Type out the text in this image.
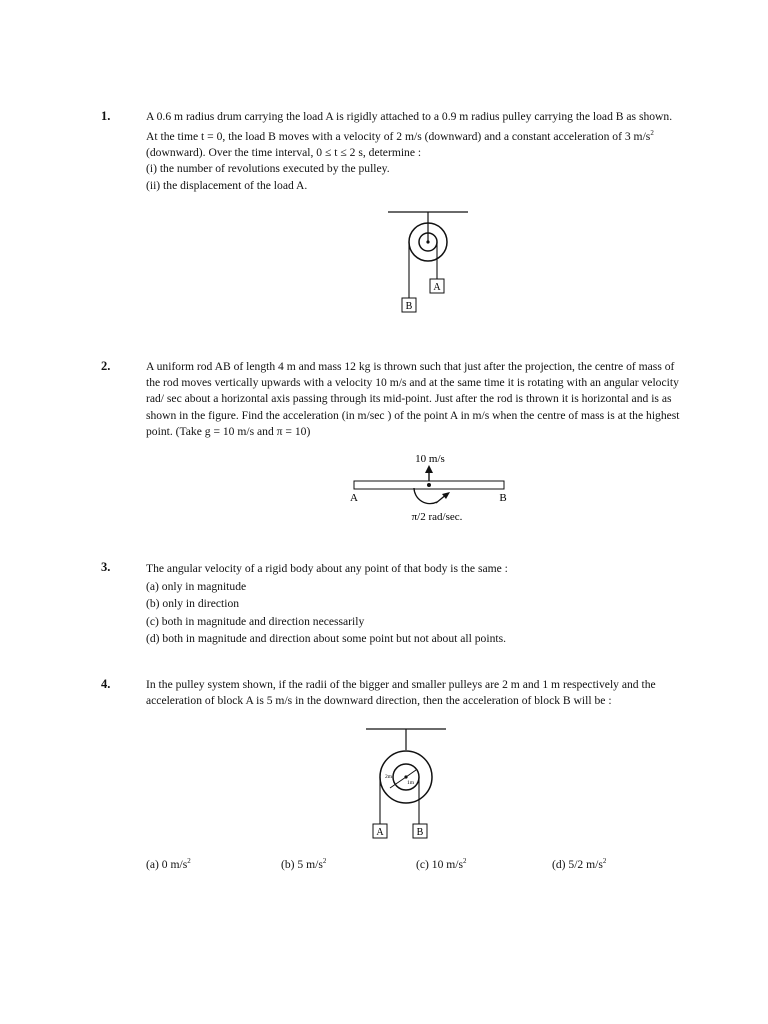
1.	A 0.6 m radius drum carrying the load A is rigidly attached to a 0.9 m radius pulley carrying the load B as shown.
At the time t = 0, the load B moves with a velocity of 2 m/s (downward) and a constant acceleration of 3 $m/s^2$
(downward). Over the time interval, 0 ≤ t ≤ 2 s, determine :
(i) the number of revolutions executed by the pulley.
(ii) the displacement of the load A.
A
B
2.	A uniform rod AB of length 4 m and mass 12 kg is thrown such that just after the projection, the centre of mass of
the rod moves vertically upwards with a velocity 10 m/s and at the same time it is rotating with an angular velocity
rad/ sec about a horizontal axis passing through its mid-point. Just after the rod is thrown it is horizontal and is as
shown in the figure. Find the acceleration (in m/sec ) of the point A in m/s when the centre of mass is at the highest
point. (Take g = 10 m/s and π = 10)
10 m/s
A	B
π/2 rad/sec.
3.	The angular velocity of a rigid body about any point of that body is the same :
(a) only in magnitude
(b) only in direction
(c) both in magnitude and direction necessarily
(d) both in magnitude and direction about some point but not about all points.
4.	In the pulley system shown, if the radii of the bigger and smaller pulleys are 2 m and 1 m respectively and the
acceleration of block A is 5 m/s in the downward direction, then the acceleration of block B will be :
2m
1m
A	B
(a) 0 $m/s^2$	(b) 5 $m/s^2$	(c) 10 $m/s^2$	(d) 5/2 $m/s^2$
